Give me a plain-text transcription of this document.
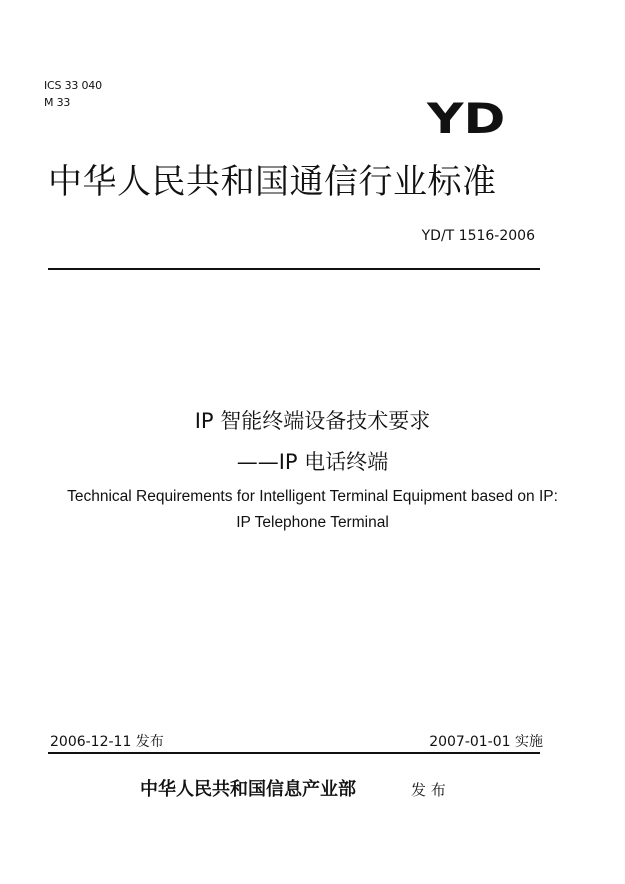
ICS 33 040
M 33	YD
中华人民共和国通信行业标准
YD/T 1516-2006
IP 智能终端设备技术要求
——IP 电话终端
Technical Requirements for Intelligent Terminal Equipment based on IP:
IP Telephone Terminal
2006-12-11 发布	2007-01-01 实施
中华人民共和国信息产业部	发 布
